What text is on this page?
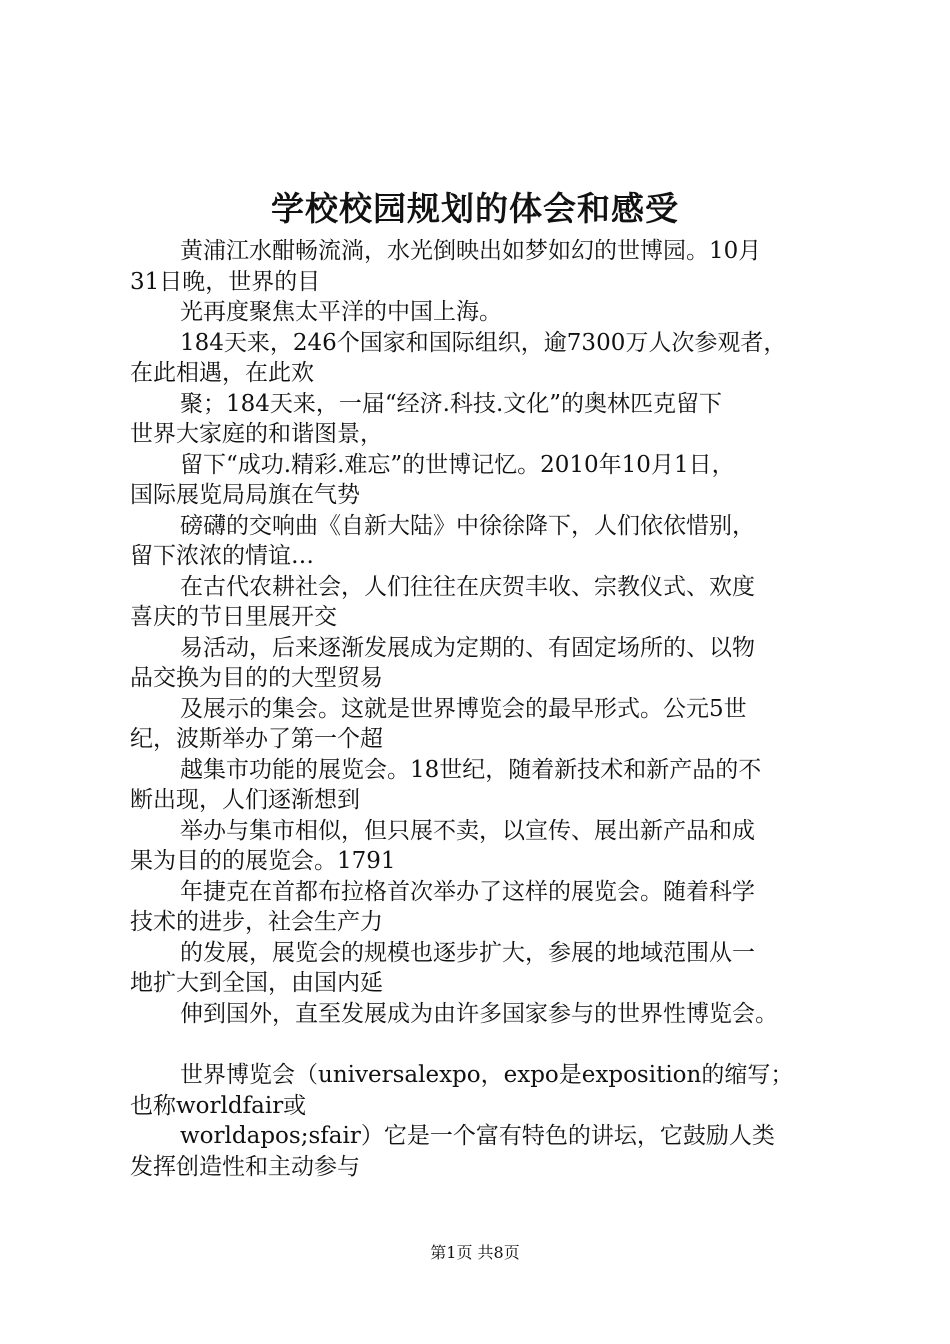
学校校园规划的体会和感受
黄浦江水酣畅流淌，水光倒映出如梦如幻的世博园。10月
31日晚，世界的目
光再度聚焦太平洋的中国上海。
184天来，246个国家和国际组织，逾7300万人次参观者，
在此相遇，在此欢
聚；184天来，一届“经济.科技.文化”的奥林匹克留下
世界大家庭的和谐图景，
留下“成功.精彩.难忘”的世博记忆。2010年10月1日，
国际展览局局旗在气势
磅礴的交响曲《自新大陆》中徐徐降下，人们依依惜别，
留下浓浓的情谊…
在古代农耕社会，人们往往在庆贺丰收、宗教仪式、欢度
喜庆的节日里展开交
易活动，后来逐渐发展成为定期的、有固定场所的、以物
品交换为目的的大型贸易
及展示的集会。这就是世界博览会的最早形式。公元5世
纪，波斯举办了第一个超
越集市功能的展览会。18世纪，随着新技术和新产品的不
断出现，人们逐渐想到
举办与集市相似，但只展不卖，以宣传、展出新产品和成
果为目的的展览会。1791
年捷克在首都布拉格首次举办了这样的展览会。随着科学
技术的进步，社会生产力
的发展，展览会的规模也逐步扩大，参展的地域范围从一
地扩大到全国，由国内延
伸到国外，直至发展成为由许多国家参与的世界性博览会。
世界博览会（universalexpo，expo是exposition的缩写；
也称worldfair或
worldapos;sfair）它是一个富有特色的讲坛，它鼓励人类
发挥创造性和主动参与
第1页 共8页
